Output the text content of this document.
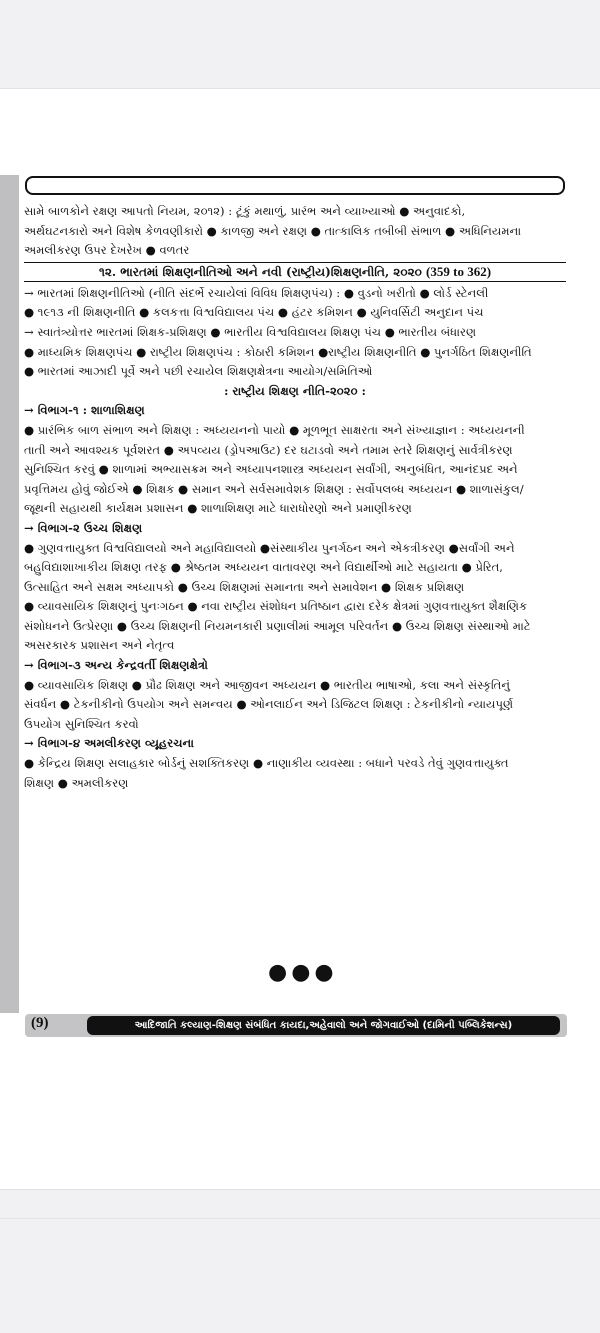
સામે બાળકોને રક્ષણ આપતો નિયમ, ૨૦૧૨) : ટૂંકું મથાળું, પ્રારંભ અને વ્યાખ્યાઓ ● અનુવાદકો,

અર્થઘટનકારો અને વિશેષ કેળવણીકારો ● કાળજી અને રક્ષણ ● તાત્કાલિક તબીબી સંભાળ ● અધિનિયમના

અમલીકરણ ઉપર દેખરેખ ● વળતર

૧૨. ભારતમાં શિક્ષણનીતિઓ અને નવી (રાષ્ટ્રીય)શિક્ષણનીતિ, ૨૦૨૦ (359 to 362)

→ ભારતમાં શિક્ષણનીતિઓ (નીતિ સંદર્ભે રચાયેલાં વિવિધ શિક્ષણપંચ) : ● વુડનો ખરીતો ● લોર્ડ સ્ટેનલી

● ૧૯૧૩ ની શિક્ષણનીતિ ● કલકત્તા વિશ્વવિદ્યાલય પંચ ● હંટર કમિશન ● યુનિવર્સિટી અનુદાન પંચ

→ સ્વાતંત્ર્યોત્તર ભારતમાં શિક્ષક-પ્રશિક્ષણ ● ભારતીય વિશ્વવિદ્યાલય શિક્ષણ પંચ ● ભારતીય બંધારણ

● માધ્યમિક શિક્ષણપંચ ● રાષ્ટ્રીય શિક્ષણપંચ : કોઠારી કમિશન ●રાષ્ટ્રીય શિક્ષણનીતિ ● પુનર્ગઠિત શિક્ષણનીતિ

● ભારતમાં આઝાદી પૂર્વે અને પછી રચાયેલ શિક્ષણક્ષેત્રના આયોગ/સમિતિઓ

: રાષ્ટ્રીય શિક્ષણ નીતિ-૨૦૨૦ :

→ વિભાગ-૧ : શાળાશિક્ષણ

● પ્રારંભિક બાળ સંભાળ અને શિક્ષણ : અધ્યયનનો પાયો ● મૂળભૂત સાક્ષરતા અને સંખ્યાજ્ઞાન : અધ્યયનની

તાતી અને આવશ્યક પૂર્વશરત ● અપવ્યય (ડ્રોપઆઉટ) દર ઘટાડવો અને તમામ સ્તરે શિક્ષણનું સાર્વત્રીકરણ

સુનિશ્ચિત કરવું ● શાળામાં અભ્યાસક્રમ અને અધ્યાપનશાસ્ત્ર અધ્યયન સર્વાંગી, અનુબંધિત, આનંદપ્રદ અને

પ્રવૃત્તિમય હોવું જોઈએ ● શિક્ષક ● સમાન અને સર્વસમાવેશક શિક્ષણ : સર્વોપલબ્ધ અધ્યયન ● શાળાસંકુલ/

જૂથની સહાયથી કાર્યક્ષમ પ્રશાસન ● શાળાશિક્ષણ માટે ધારાધોરણો અને પ્રમાણીકરણ

→ વિભાગ-૨ ઉચ્ચ શિક્ષણ

● ગુણવત્તાયુક્ત વિશ્વવિદ્યાલયો અને મહાવિદ્યાલયો ●સંસ્થાકીય પુનર્ગઠન અને એકત્રીકરણ ●સર્વાંગી અને

બહુવિદ્યાશાખાકીય શિક્ષણ તરફ ● શ્રેષ્ઠતમ અધ્યયન વાતાવરણ અને વિદ્યાર્થીઓ માટે સહાયતા ● પ્રેરિત,

ઉત્સાહિત અને સક્ષમ અધ્યાપકો ● ઉચ્ચ શિક્ષણમાં સમાનતા અને સમાવેશન ● શિક્ષક પ્રશિક્ષણ

● વ્યાવસાયિક શિક્ષણનું પુનઃગઠન ● નવા રાષ્ટ્રીય સંશોધન પ્રતિષ્ઠાન દ્વારા દરેક ક્ષેત્રમાં ગુણવત્તાયુક્ત શૈક્ષણિક

સંશોધનને ઉત્પ્રેરણા ● ઉચ્ચ શિક્ષણની નિયમનકારી પ્રણાલીમાં આમૂલ પરિવર્તન ● ઉચ્ચ શિક્ષણ સંસ્થાઓ માટે

અસરકારક પ્રશાસન અને નેતૃત્વ

→ વિભાગ-૩ અન્ય કેન્દ્રવર્તી શિક્ષણક્ષેત્રો

● વ્યાવસાયિક શિક્ષણ ● પ્રૌઢ શિક્ષણ અને આજીવન અધ્યયન ● ભારતીય ભાષાઓ, કલા અને સંસ્કૃતિનું

સંવર્ધન ● ટેકનીકીનો ઉપયોગ અને સમન્વય ● ઓનલાઈન અને ડિજિટલ શિક્ષણ : ટેકનીકીનો ન્યાયપૂર્ણ

ઉપયોગ સુનિશ્ચિત કરવો

→ વિભાગ-૪ અમલીકરણ વ્યૂહરચના

● કેન્દ્રિય શિક્ષણ સલાહકાર બોર્ડનું સશક્તિકરણ ● નાણાકીય વ્યવસ્થા : બધાને પરવડે તેવું ગુણવત્તાયુક્ત

શિક્ષણ ● અમલીકરણ

●●●
(9)	આદિજાતિ કલ્યાણ-શિક્ષણ સંબંધિત કાયદા,અહેવાલો અને જોગવાઈઓ (દામિની પબ્લિકેશન્સ)
